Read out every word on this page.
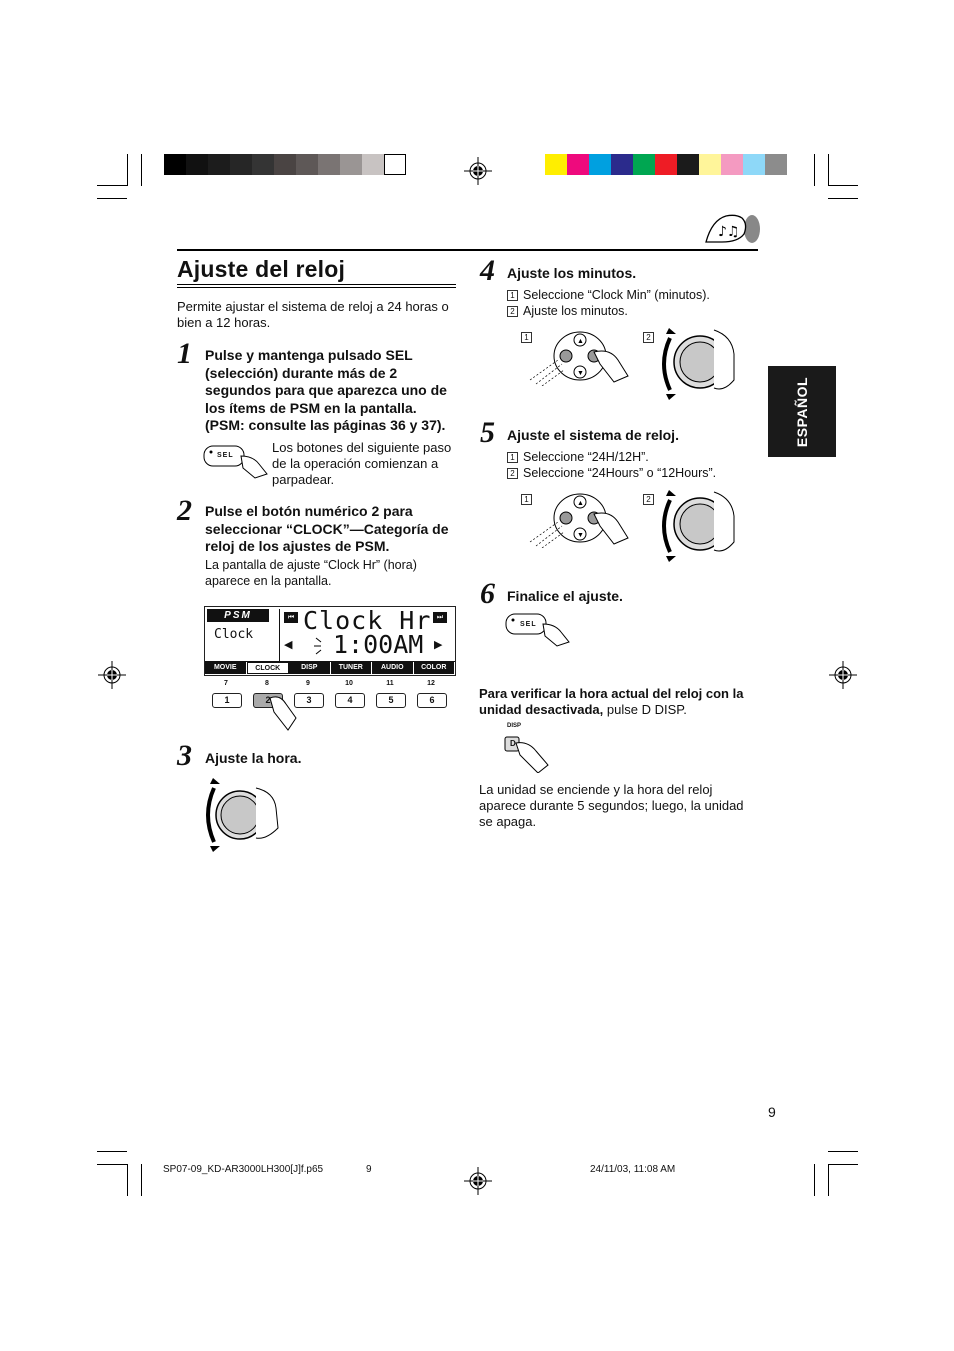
♪♫
Ajuste del reloj
Permite ajustar el sistema de reloj a 24 horas o bien a 12 horas.
1 Pulse y mantenga pulsado SEL (selección) durante más de 2 segundos para que aparezca uno de los ítems de PSM en la pantalla. (PSM: consulte las páginas 36 y 37).
SEL
Los botones del siguiente paso de la operación comienzan a parpadear.
2 Pulse el botón numérico 2 para seleccionar “CLOCK”—Categoría de reloj de los ajustes de PSM.
La pantalla de ajuste “Clock Hr” (hora) aparece en la pantalla.
PSM
Clock
⏮	⏭
Clock Hr
◀	▶
1:00AM
MOVIE	CLOCK	DISP	TUNER	AUDIO	COLOR
7
1
8
2
9
3
10
4
11
5
12
6
3 Ajuste la hora.
4 Ajuste los minutos.
1 Seleccione “Clock Min” (minutos).
2 Ajuste los minutos.
1	2
▲
▼
5 Ajuste el sistema de reloj.
1 Seleccione “24H/12H”.
2 Seleccione “24Hours” o “12Hours”.
1	2
▲
▼
6 Finalice el ajuste.
SEL
Para verificar la hora actual del reloj con la unidad desactivada, pulse D DISP.
DISP
D
La unidad se enciende y la hora del reloj aparece durante 5 segundos; luego, la unidad se apaga.
ESPAÑOL
9
SP07-09_KD-AR3000LH300[J]f.p65	9	24/11/03, 11:08 AM
